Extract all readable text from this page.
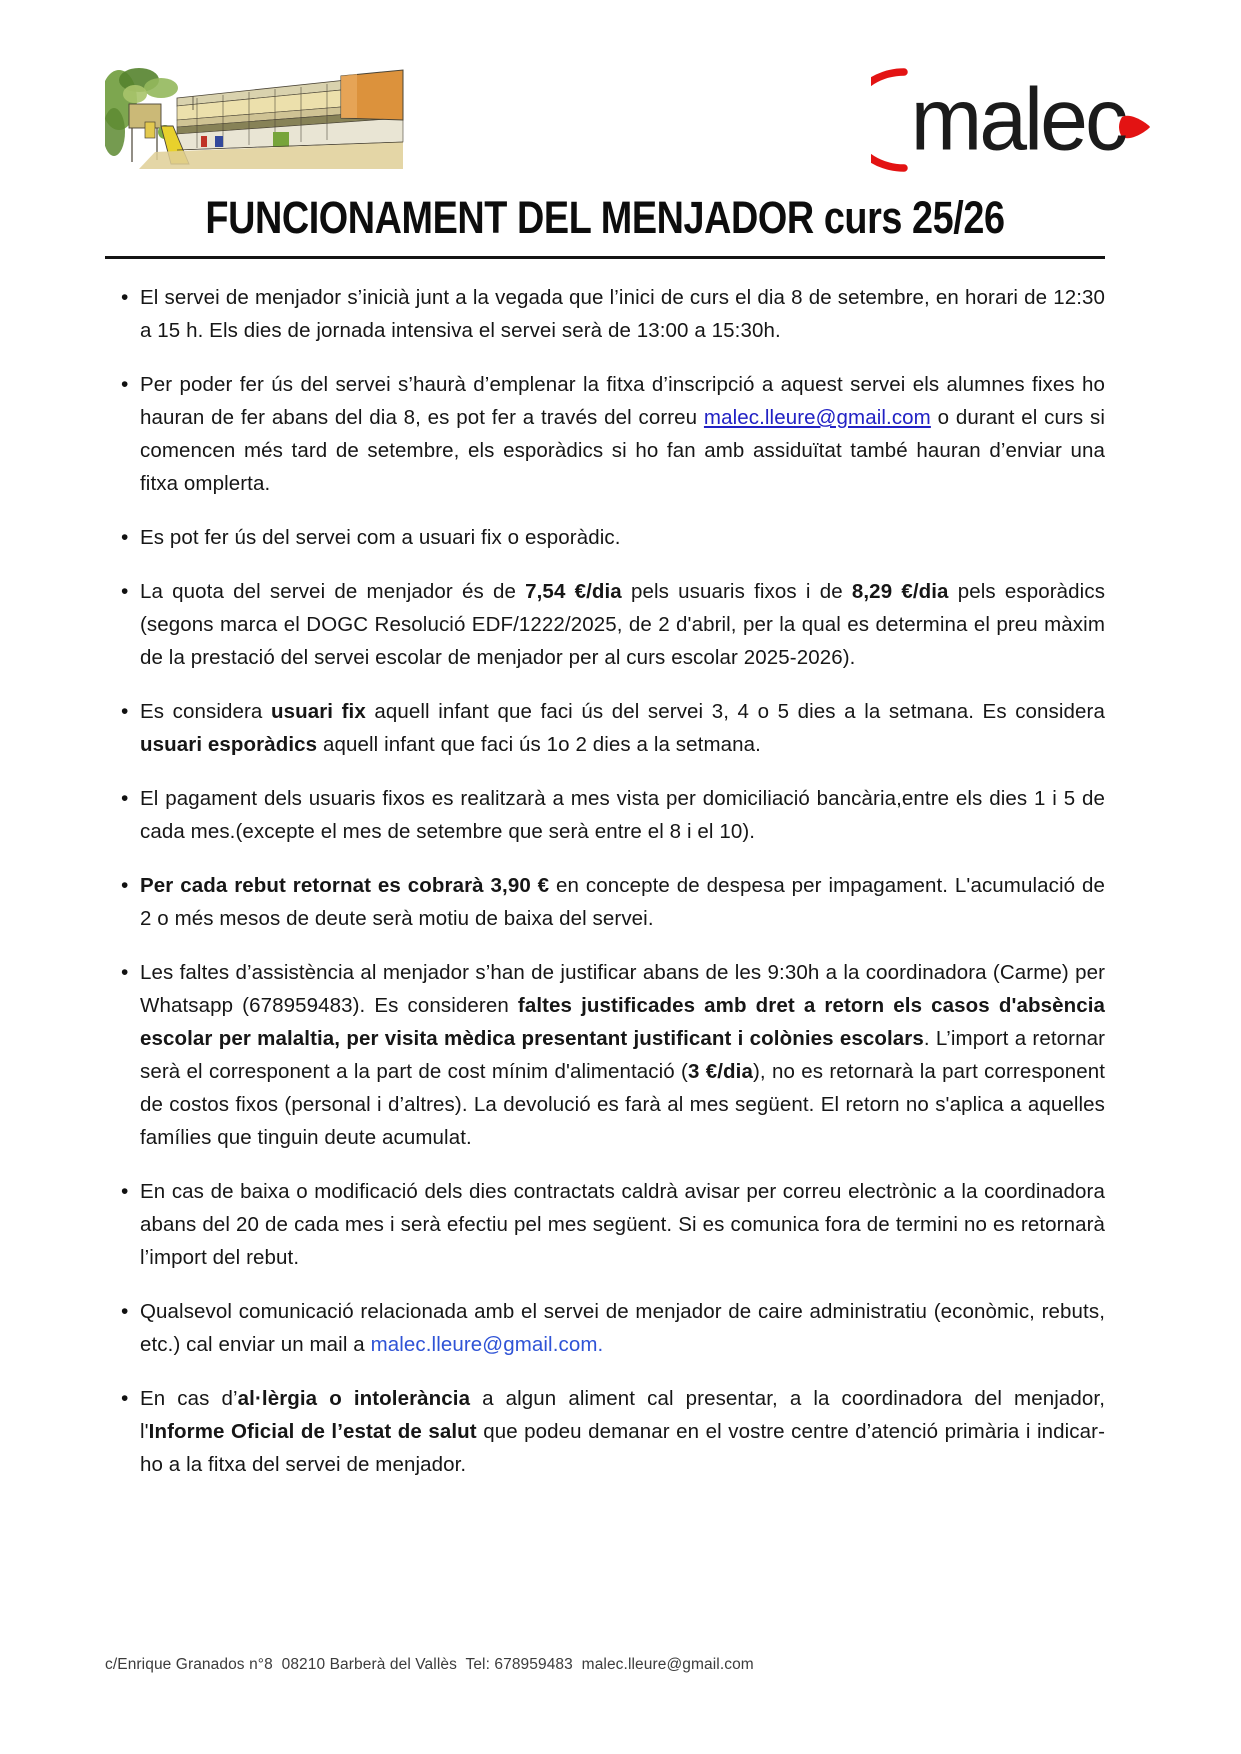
malec
FUNCIONAMENT DEL MENJADOR curs 25/26
• El servei de menjador s’inicià junt a la vegada que l’inici de curs el dia 8 de setembre, en horari de 12:30 a 15 h. Els dies de jornada intensiva el servei serà de 13:00 a 15:30h.

• Per poder fer ús del servei s’haurà d’emplenar la fitxa d’inscripció a aquest servei els alumnes fixes ho hauran de fer abans del dia 8, es pot fer a través del correu malec.lleure@gmail.com o durant el curs si comencen més tard de setembre, els esporàdics si ho fan amb assiduïtat també hauran d’enviar una fitxa omplerta.

• Es pot fer ús del servei com a usuari fix o esporàdic.

• La quota del servei de menjador és de 7,54 €/dia pels usuaris fixos i de 8,29 €/dia pels esporàdics (segons marca el DOGC Resolució EDF/1222/2025, de 2 d'abril, per la qual es determina el preu màxim de la prestació del servei escolar de menjador per al curs escolar 2025-2026).

• Es considera usuari fix aquell infant que faci ús del servei 3, 4 o 5 dies a la setmana. Es considera usuari esporàdics aquell infant que faci ús 1o 2 dies a la setmana.

• El pagament dels usuaris fixos es realitzarà a mes vista per domiciliació bancària,entre els dies 1 i 5 de cada mes.(excepte el mes de setembre que serà entre el 8 i el 10).

• Per cada rebut retornat es cobrarà 3,90 € en concepte de despesa per impagament. L'acumulació de 2 o més mesos de deute serà motiu de baixa del servei.

• Les faltes d’assistència al menjador s’han de justificar abans de les 9:30h a la coordinadora (Carme) per Whatsapp (678959483). Es consideren faltes justificades amb dret a retorn els casos d'absència escolar per malaltia, per visita mèdica presentant justificant i colònies escolars. L’import a retornar serà el corresponent a la part de cost mínim d'alimentació (3 €/dia), no es retornarà la part corresponent de costos fixos (personal i d’altres). La devolució es farà al mes següent. El retorn no s'aplica a aquelles famílies que tinguin deute acumulat.

• En cas de baixa o modificació dels dies contractats caldrà avisar per correu electrònic a la coordinadora abans del 20 de cada mes i serà efectiu pel mes següent. Si es comunica fora de termini no es retornarà l’import del rebut.

• Qualsevol comunicació relacionada amb el servei de menjador de caire administratiu (econòmic, rebuts, etc.) cal enviar un mail a malec.lleure@gmail.com.

• En cas d’al·lèrgia o intolerància a algun aliment cal presentar, a la coordinadora del menjador, l'Informe Oficial de l’estat de salut que podeu demanar en el vostre centre d’atenció primària i indicar-ho a la fitxa del servei de menjador.

c/Enrique Granados n°8  08210 Barberà del Vallès  Tel: 678959483  malec.lleure@gmail.com
